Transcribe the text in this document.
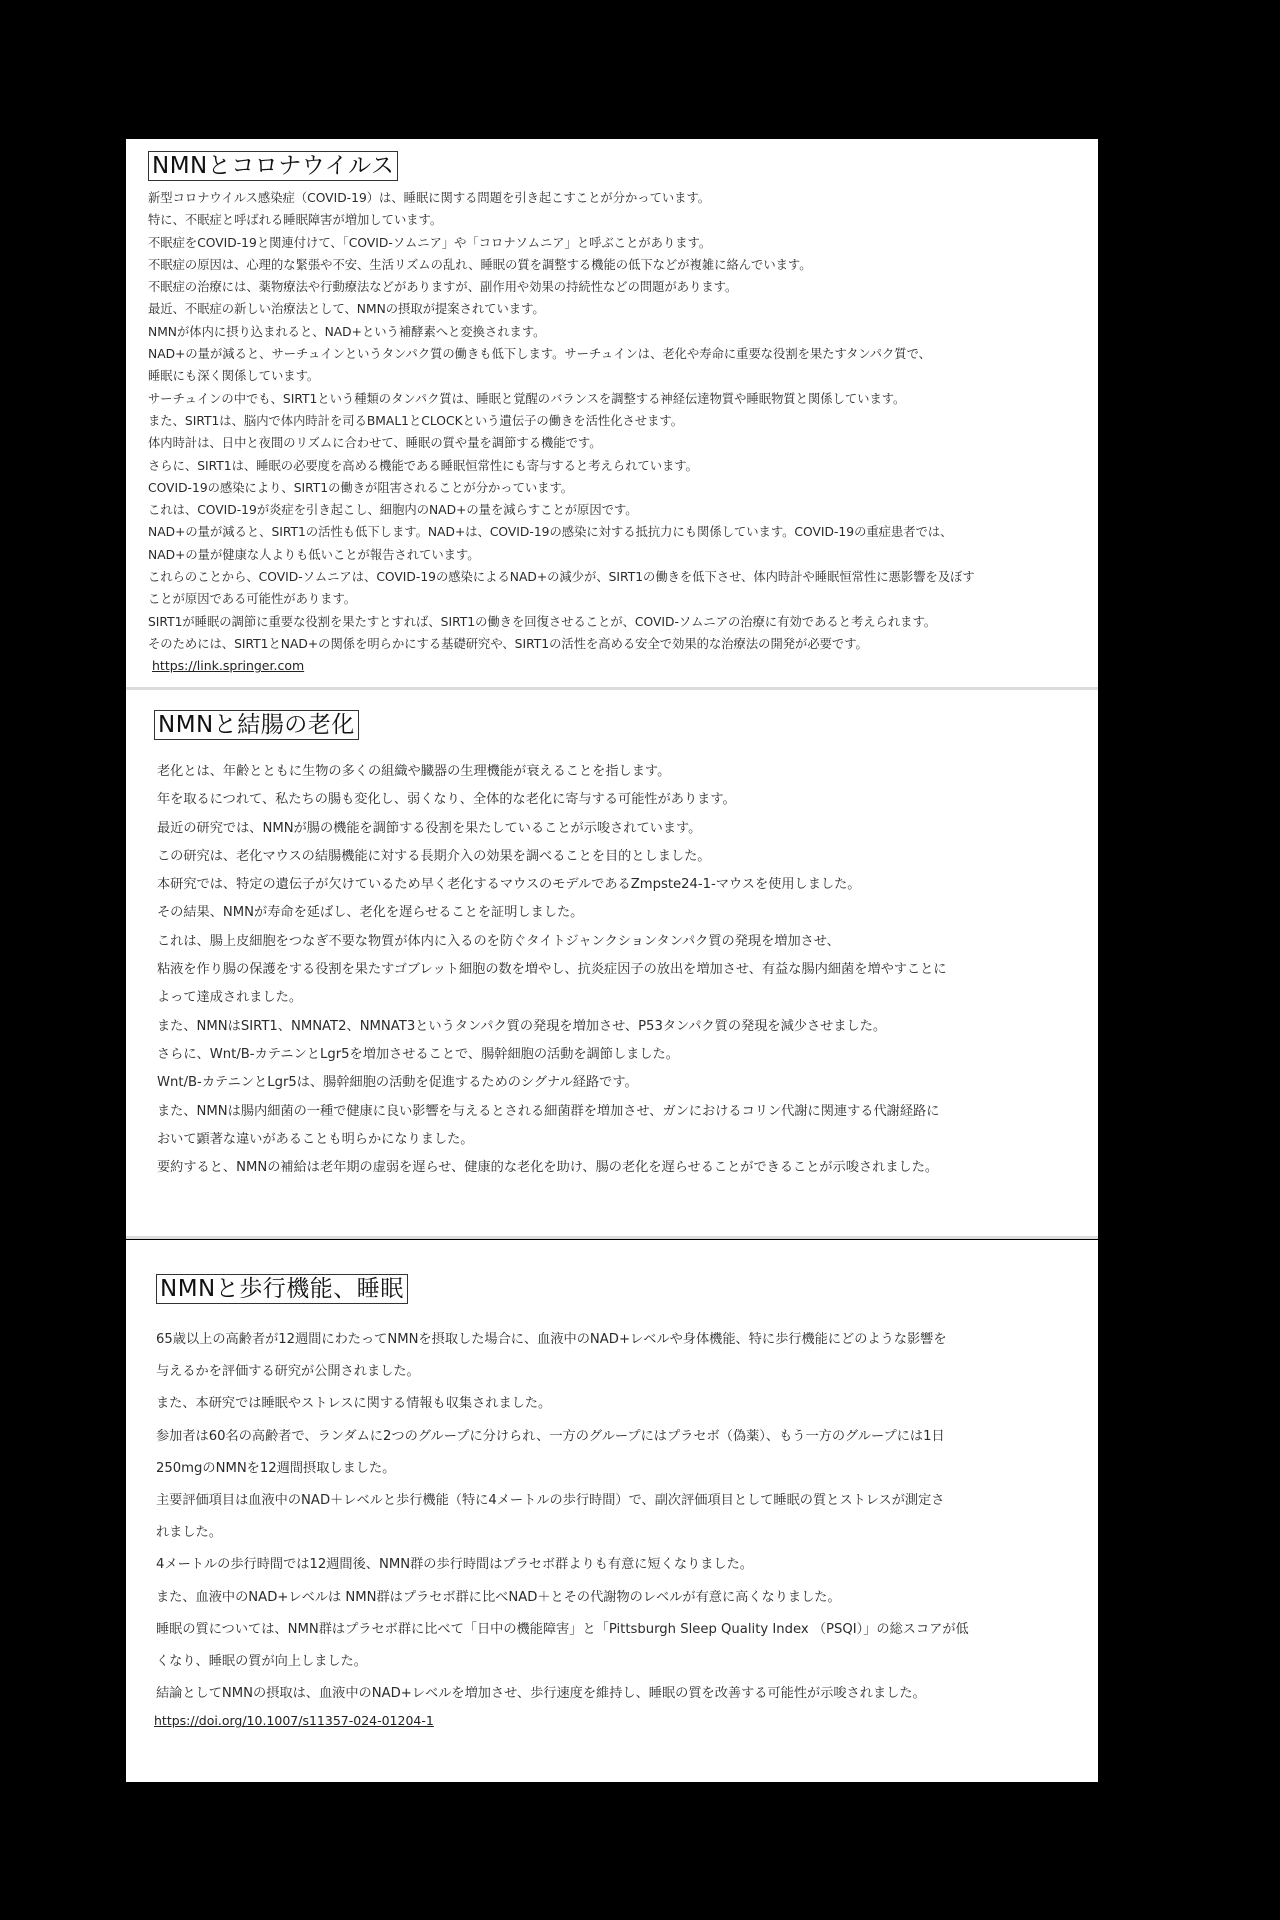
NMNとコロナウイルス

新型コロナウイルス感染症（COVID-19）は、睡眠に関する問題を引き起こすことが分かっています。

特に、不眠症と呼ばれる睡眠障害が増加しています。

不眠症をCOVID-19と関連付けて、「COVID-ソムニア」や「コロナソムニア」と呼ぶことがあります。

不眠症の原因は、心理的な緊張や不安、生活リズムの乱れ、睡眠の質を調整する機能の低下などが複雑に絡んでいます。

不眠症の治療には、薬物療法や行動療法などがありますが、副作用や効果の持続性などの問題があります。

最近、不眠症の新しい治療法として、NMNの摂取が提案されています。

NMNが体内に摂り込まれると、NAD+という補酵素へと変換されます。

NAD+の量が減ると、サーチュインというタンパク質の働きも低下します。サーチュインは、老化や寿命に重要な役割を果たすタンパク質で、

睡眠にも深く関係しています。

サーチュインの中でも、SIRT1という種類のタンパク質は、睡眠と覚醒のバランスを調整する神経伝達物質や睡眠物質と関係しています。

また、SIRT1は、脳内で体内時計を司るBMAL1とCLOCKという遺伝子の働きを活性化させます。

体内時計は、日中と夜間のリズムに合わせて、睡眠の質や量を調節する機能です。

さらに、SIRT1は、睡眠の必要度を高める機能である睡眠恒常性にも寄与すると考えられています。

COVID-19の感染により、SIRT1の働きが阻害されることが分かっています。

これは、COVID-19が炎症を引き起こし、細胞内のNAD+の量を減らすことが原因です。

NAD+の量が減ると、SIRT1の活性も低下します。NAD+は、COVID-19の感染に対する抵抗力にも関係しています。COVID-19の重症患者では、

NAD+の量が健康な人よりも低いことが報告されています。

これらのことから、COVID-ソムニアは、COVID-19の感染によるNAD+の減少が、SIRT1の働きを低下させ、体内時計や睡眠恒常性に悪影響を及ぼす

ことが原因である可能性があります。

SIRT1が睡眠の調節に重要な役割を果たすとすれば、SIRT1の働きを回復させることが、COVID-ソムニアの治療に有効であると考えられます。

そのためには、SIRT1とNAD+の関係を明らかにする基礎研究や、SIRT1の活性を高める安全で効果的な治療法の開発が必要です。

https://link.springer.com
NMNと結腸の老化

老化とは、年齢とともに生物の多くの組織や臓器の生理機能が衰えることを指します。

年を取るにつれて、私たちの腸も変化し、弱くなり、全体的な老化に寄与する可能性があります。

最近の研究では、NMNが腸の機能を調節する役割を果たしていることが示唆されています。

この研究は、老化マウスの結腸機能に対する長期介入の効果を調べることを目的としました。

本研究では、特定の遺伝子が欠けているため早く老化するマウスのモデルであるZmpste24-1-マウスを使用しました。

その結果、NMNが寿命を延ばし、老化を遅らせることを証明しました。

これは、腸上皮細胞をつなぎ不要な物質が体内に入るのを防ぐタイトジャンクションタンパク質の発現を増加させ、

粘液を作り腸の保護をする役割を果たすゴブレット細胞の数を増やし、抗炎症因子の放出を増加させ、有益な腸内細菌を増やすことに

よって達成されました。

また、NMNはSIRT1、NMNAT2、NMNAT3というタンパク質の発現を増加させ、P53タンパク質の発現を減少させました。

さらに、Wnt/B-カテニンとLgr5を増加させることで、腸幹細胞の活動を調節しました。

Wnt/B-カテニンとLgr5は、腸幹細胞の活動を促進するためのシグナル経路です。

また、NMNは腸内細菌の一種で健康に良い影響を与えるとされる細菌群を増加させ、ガンにおけるコリン代謝に関連する代謝経路に

おいて顕著な違いがあることも明らかになりました。

要約すると、NMNの補給は老年期の虚弱を遅らせ、健康的な老化を助け、腸の老化を遅らせることができることが示唆されました。

NMNと歩行機能、睡眠

65歳以上の高齢者が12週間にわたってNMNを摂取した場合に、血液中のNAD+レベルや身体機能、特に歩行機能にどのような影響を

与えるかを評価する研究が公開されました。

また、本研究では睡眠やストレスに関する情報も収集されました。

参加者は60名の高齢者で、ランダムに2つのグループに分けられ、一方のグループにはプラセボ（偽薬）、もう一方のグループには1日

250mgのNMNを12週間摂取しました。

主要評価項目は血液中のNAD＋レベルと歩行機能（特に4メートルの歩行時間）で、副次評価項目として睡眠の質とストレスが測定さ

れました。

4メートルの歩行時間では12週間後、NMN群の歩行時間はプラセボ群よりも有意に短くなりました。

また、血液中のNAD+レベルは NMN群はプラセボ群に比べNAD＋とその代謝物のレベルが有意に高くなりました。

睡眠の質については、NMN群はプラセボ群に比べて「日中の機能障害」と「Pittsburgh Sleep Quality Index （PSQI）」の総スコアが低

くなり、睡眠の質が向上しました。

結論としてNMNの摂取は、血液中のNAD+レベルを増加させ、歩行速度を維持し、睡眠の質を改善する可能性が示唆されました。

https://doi.org/10.1007/s11357-024-01204-1
